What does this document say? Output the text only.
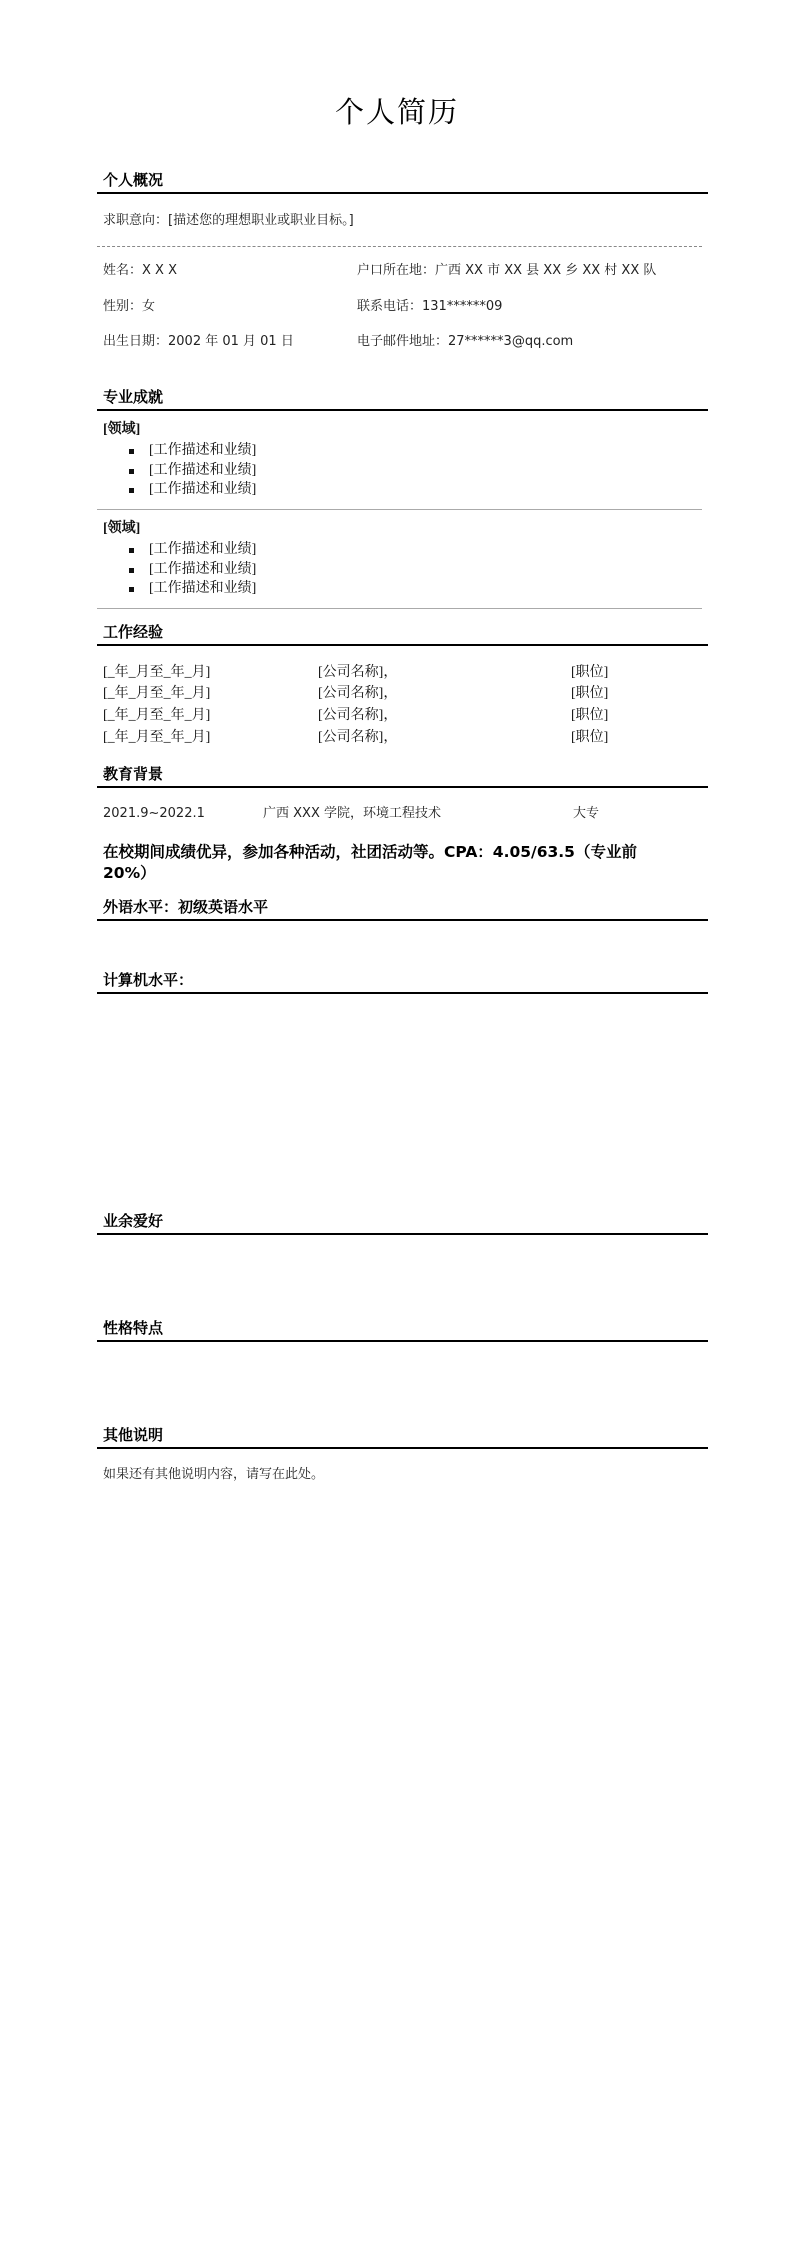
个人简历
个人概况
求职意向：[描述您的理想职业或职业目标。]
姓名：X X X	户口所在地：广西 XX 市 XX 县 XX 乡 XX 村 XX 队
性别：女	联系电话：131******09
出生日期：2002 年 01 月 01 日	电子邮件地址：27******3@qq.com
专业成就
[领域]
[工作描述和业绩]
[工作描述和业绩]
[工作描述和业绩]
[领域]
[工作描述和业绩]
[工作描述和业绩]
[工作描述和业绩]
工作经验
[_年_月至_年_月]	[公司名称]，	[职位]
[_年_月至_年_月]	[公司名称]，	[职位]
[_年_月至_年_月]	[公司名称]，	[职位]
[_年_月至_年_月]	[公司名称]，	[职位]
教育背景
2021.9~2022.1	广西 XXX 学院，环境工程技术	大专
在校期间成绩优异，参加各种活动，社团活动等。CPA：4.05/63.5（专业前
20%）
外语水平：初级英语水平
计算机水平：
业余爱好
性格特点
其他说明
如果还有其他说明内容，请写在此处。
